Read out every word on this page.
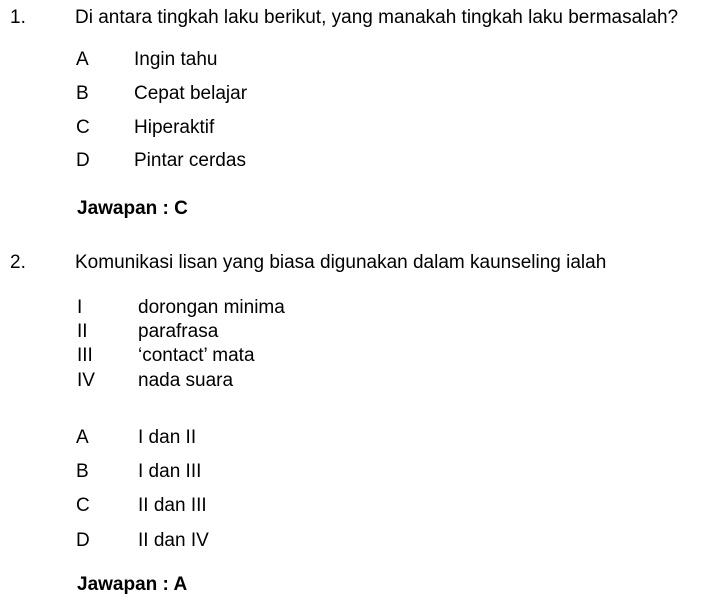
1.	Di antara tingkah laku berikut, yang manakah tingkah laku bermasalah?
A Ingin tahu
B Cepat belajar
C Hiperaktif
D Pintar cerdas
Jawapan : C
2.	Komunikasi lisan yang biasa digunakan dalam kaunseling ialah
I	dorongan minima
II	parafrasa
III ‘contact’ mata
IV nada suara
A	I dan II
B	I dan III
C	II dan III
D	II dan IV
Jawapan : A
